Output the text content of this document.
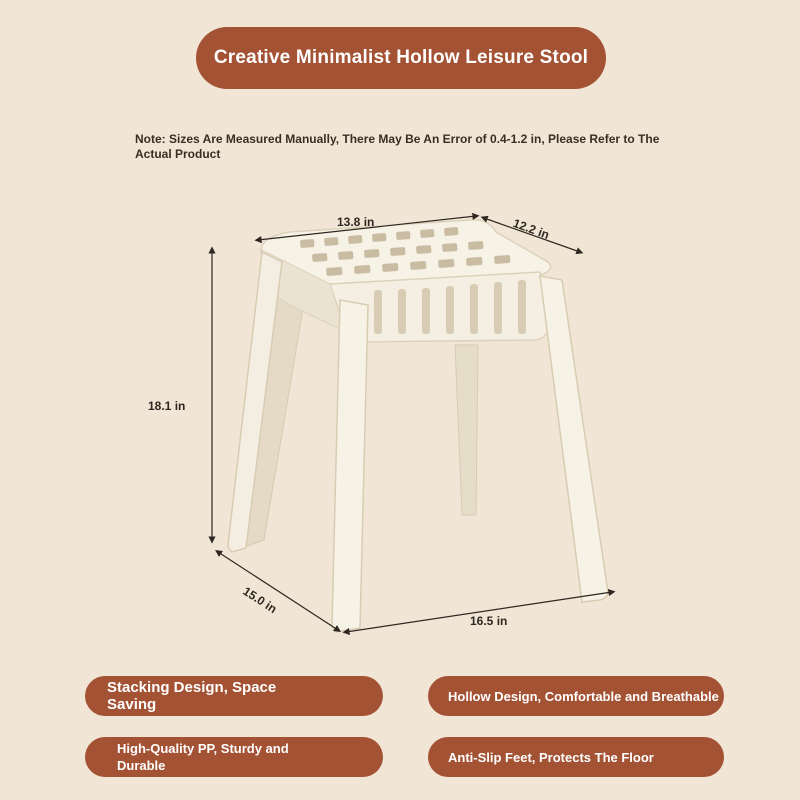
Creative Minimalist Hollow Leisure Stool
Note: Sizes Are Measured Manually, There May Be An Error of 0.4-1.2 in, Please Refer to The Actual Product
13.8 in	12.2 in
18.1 in
15.0 in
16.5 in
Stacking Design, Space Saving	Hollow Design, Comfortable and Breathable
High-Quality PP, Sturdy and Durable
Anti-Slip Feet, Protects The Floor
